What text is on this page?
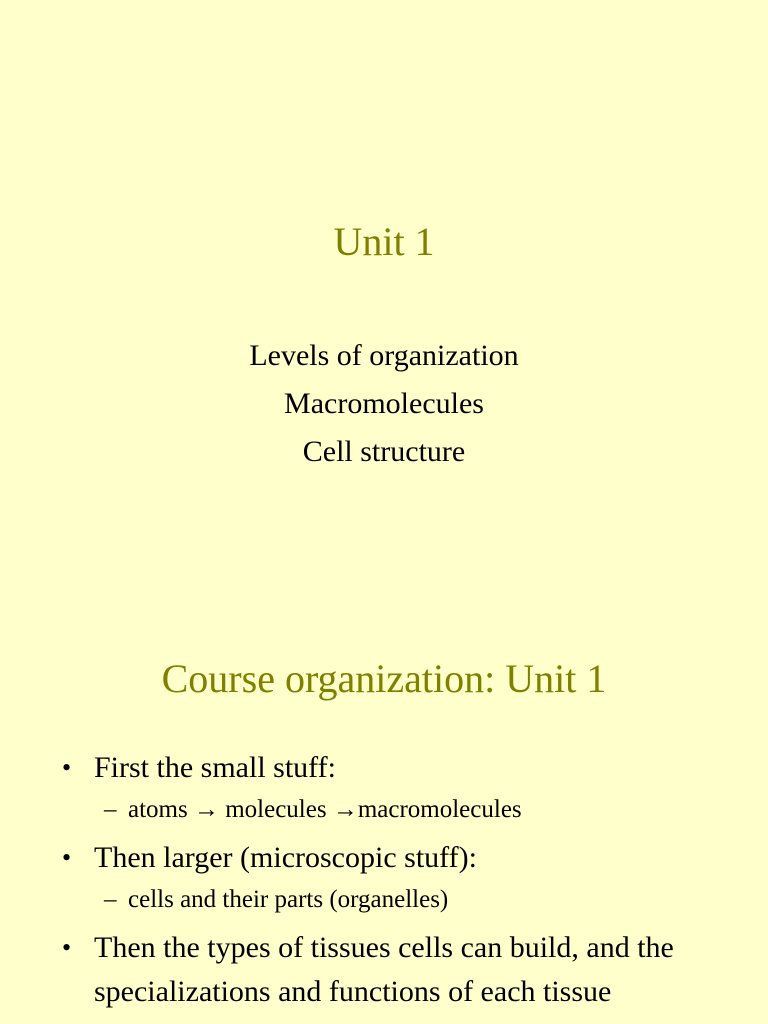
Unit 1
Levels of organization
Macromolecules
Cell structure
Course organization: Unit 1
• First the small stuff:
– atoms → molecules →macromolecules
• Then larger (microscopic stuff):
– cells and their parts (organelles)
• Then the types of tissues cells can build, and the specializations and functions of each tissue
